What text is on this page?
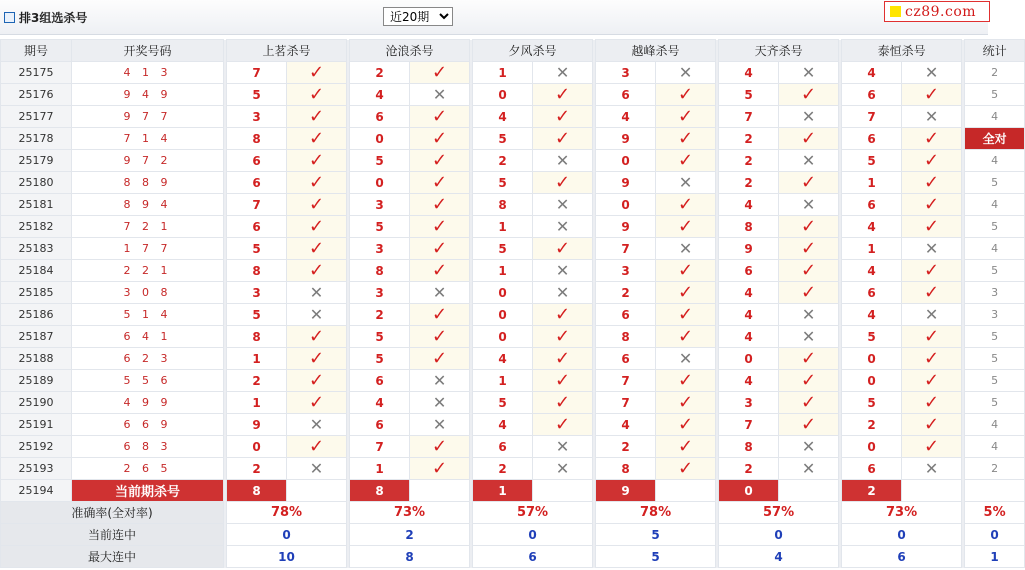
排3组选杀号
近20期	cz89.com
期号	开奖号码		上茗杀号			沧浪杀号			夕风杀号			越峰杀号			天齐杀号			泰恒杀号			统计
25175	4 1 3		7	✓		2	✓		1	✕		3	✕		4	✕		4	✕		2
25176	9 4 9		5	✓		4	✕		0	✓		6	✓		5	✓		6	✓		5
25177	9 7 7		3	✓		6	✓		4	✓		4	✓		7	✕		7	✕		4
25178	7 1 4		8	✓		0	✓		5	✓		9	✓		2	✓		6	✓		全对
25179	9 7 2		6	✓		5	✓		2	✕		0	✓		2	✕		5	✓		4
25180	8 8 9		6	✓		0	✓		5	✓		9	✕		2	✓		1	✓		5
25181	8 9 4		7	✓		3	✓		8	✕		0	✓		4	✕		6	✓		4
25182	7 2 1		6	✓		5	✓		1	✕		9	✓		8	✓		4	✓		5
25183	1 7 7		5	✓		3	✓		5	✓		7	✕		9	✓		1	✕		4
25184	2 2 1		8	✓		8	✓		1	✕		3	✓		6	✓		4	✓		5
25185	3 0 8		3	✕		3	✕		0	✕		2	✓		4	✓		6	✓		3
25186	5 1 4		5	✕		2	✓		0	✓		6	✓		4	✕		4	✕		3
25187	6 4 1		8	✓		5	✓		0	✓		8	✓		4	✕		5	✓		5
25188	6 2 3		1	✓		5	✓		4	✓		6	✕		0	✓		0	✓		5
25189	5 5 6		2	✓		6	✕		1	✓		7	✓		4	✓		0	✓		5
25190	4 9 9		1	✓		4	✕		5	✓		7	✓		3	✓		5	✓		5
25191	6 6 9		9	✕		6	✕		4	✓		4	✓		7	✓		2	✓		4
25192	6 8 3		0	✓		7	✓		6	✕		2	✓		8	✕		0	✓		4
25193	2 6 5		2	✕		1	✓		2	✕		8	✓		2	✕		6	✕		2
25194	当前期杀号		8			8			1			9			0			2			
准确率(全对率)			78%			73%			57%			78%			57%			73%			5%
当前连中			0			2			0			5			0			0			0
最大连中			10			8			6			5			4			6			1
